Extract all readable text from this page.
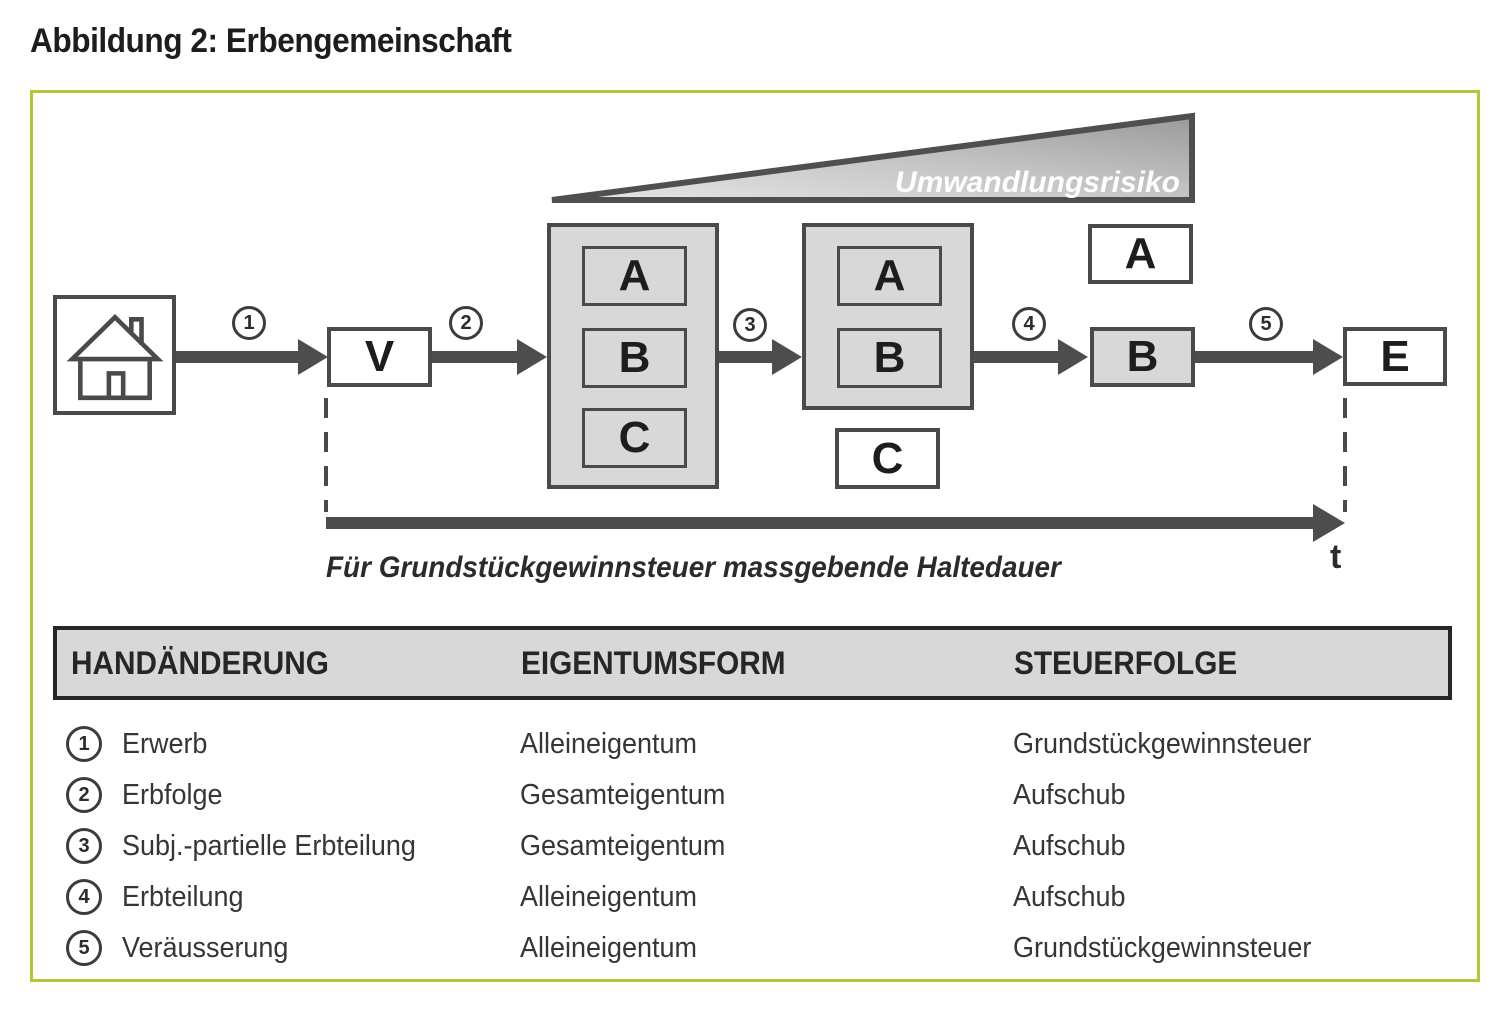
Abbildung 2: Erbengemeinschaft
Umwandlungsrisiko
1
V
2
A
B
C
3
A
B
C
4
A
B
5
E
t
Für Grundstückgewinnsteuer massgebende Haltedauer
HANDÄNDERUNG	EIGENTUMSFORM	STEUERFOLGE
1 Erwerb	Alleineigentum	Grundstückgewinnsteuer
2 Erbfolge	Gesamteigentum	Aufschub
3 Subj.-partielle Erbteilung	Gesamteigentum	Aufschub
4 Erbteilung	Alleineigentum	Aufschub
5 Veräusserung	Alleineigentum	Grundstückgewinnsteuer
